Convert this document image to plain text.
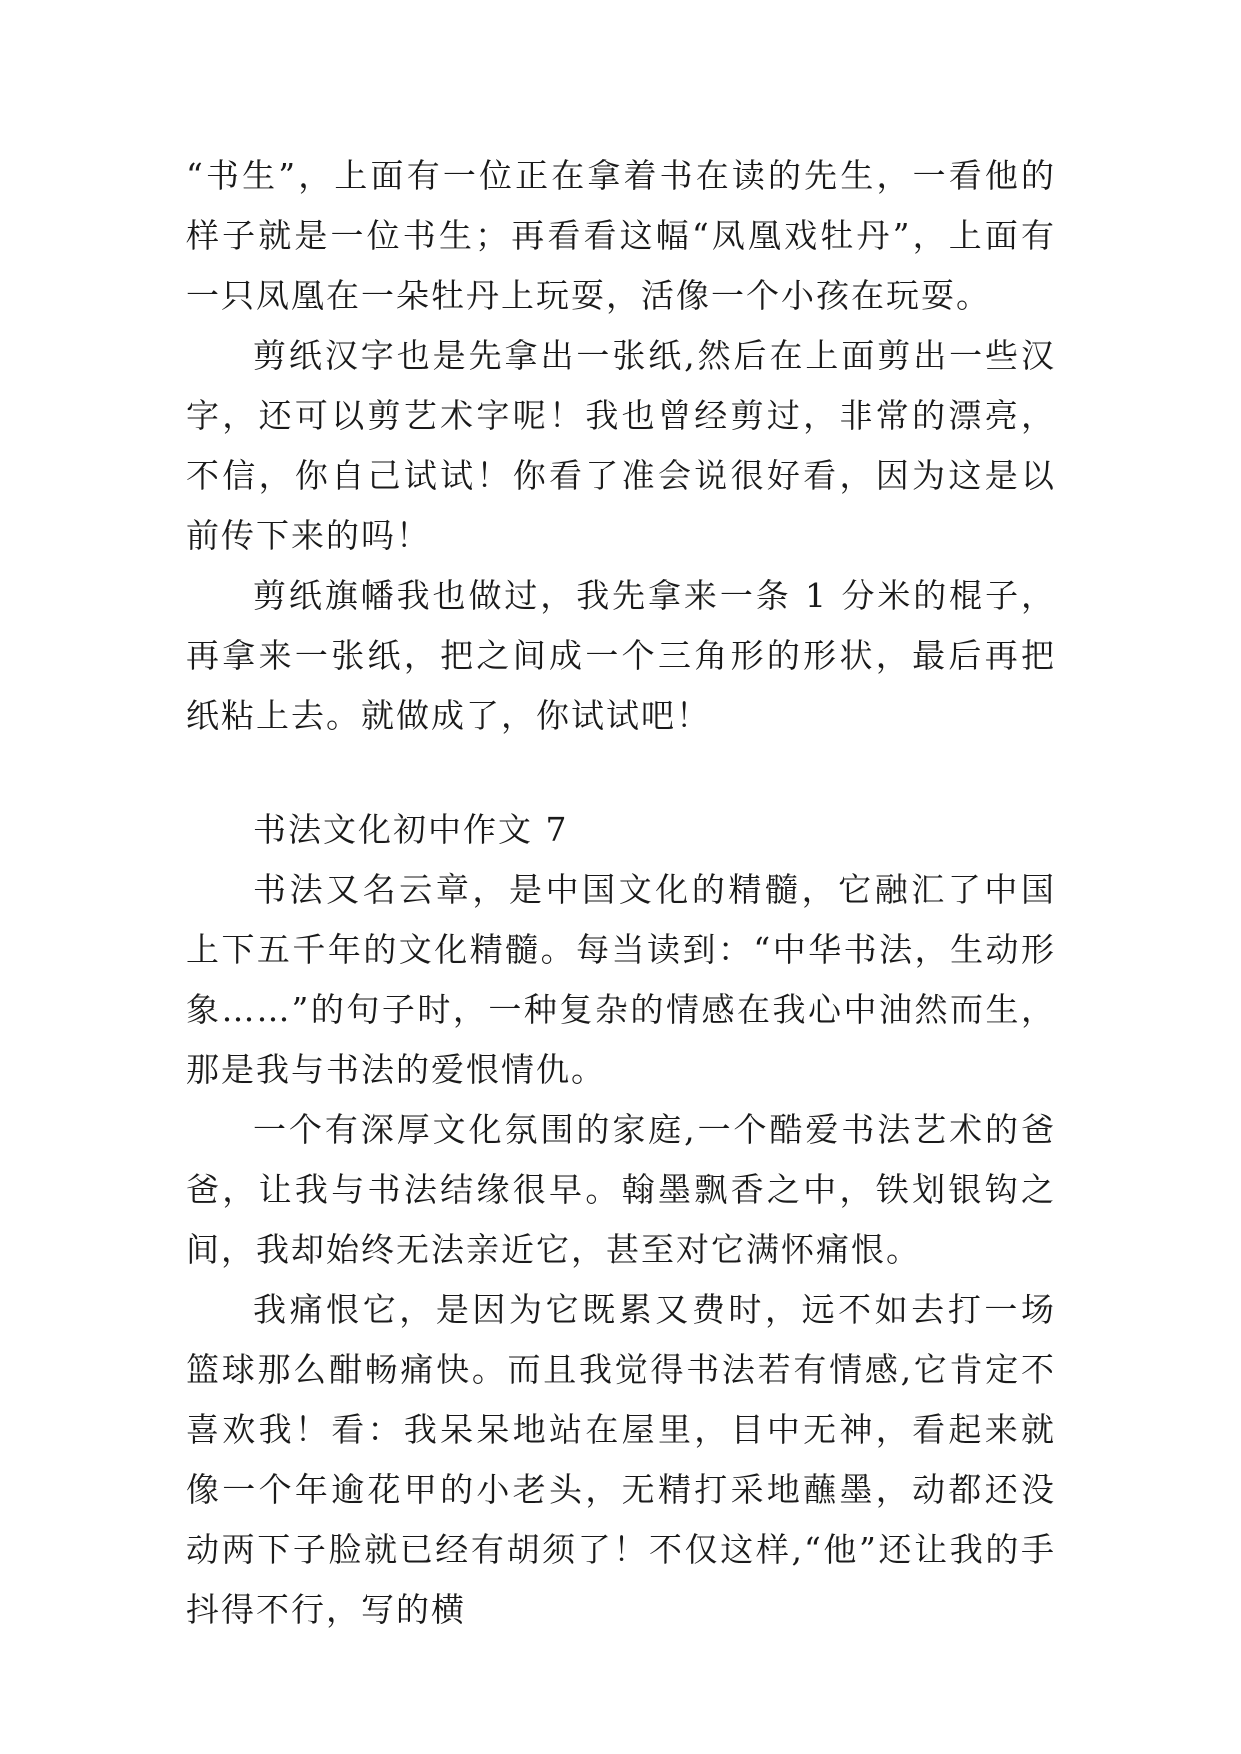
“书生”，上面有一位正在拿着书在读的先生，一看他的样子就是一位书生；再看看这幅“凤凰戏牡丹”，上面有一只凤凰在一朵牡丹上玩耍，活像一个小孩在玩耍。

剪纸汉字也是先拿出一张纸,然后在上面剪出一些汉字，还可以剪艺术字呢！我也曾经剪过，非常的漂亮，不信，你自己试试！你看了准会说很好看，因为这是以前传下来的吗！

剪纸旗幡我也做过，我先拿来一条 1 分米的棍子，再拿来一张纸，把之间成一个三角形的形状，最后再把纸粘上去。就做成了，你试试吧！

书法文化初中作文 7

书法又名云章，是中国文化的精髓，它融汇了中国上下五千年的文化精髓。每当读到：“中华书法，生动形象……”的句子时，一种复杂的情感在我心中油然而生，那是我与书法的爱恨情仇。

一个有深厚文化氛围的家庭,一个酷爱书法艺术的爸爸，让我与书法结缘很早。翰墨飘香之中，铁划银钩之间，我却始终无法亲近它，甚至对它满怀痛恨。

我痛恨它，是因为它既累又费时，远不如去打一场篮球那么酣畅痛快。而且我觉得书法若有情感,它肯定不喜欢我！看：我呆呆地站在屋里，目中无神，看起来就像一个年逾花甲的小老头，无精打采地蘸墨，动都还没动两下子脸就已经有胡须了！不仅这样,“他”还让我的手抖得不行，写的横
